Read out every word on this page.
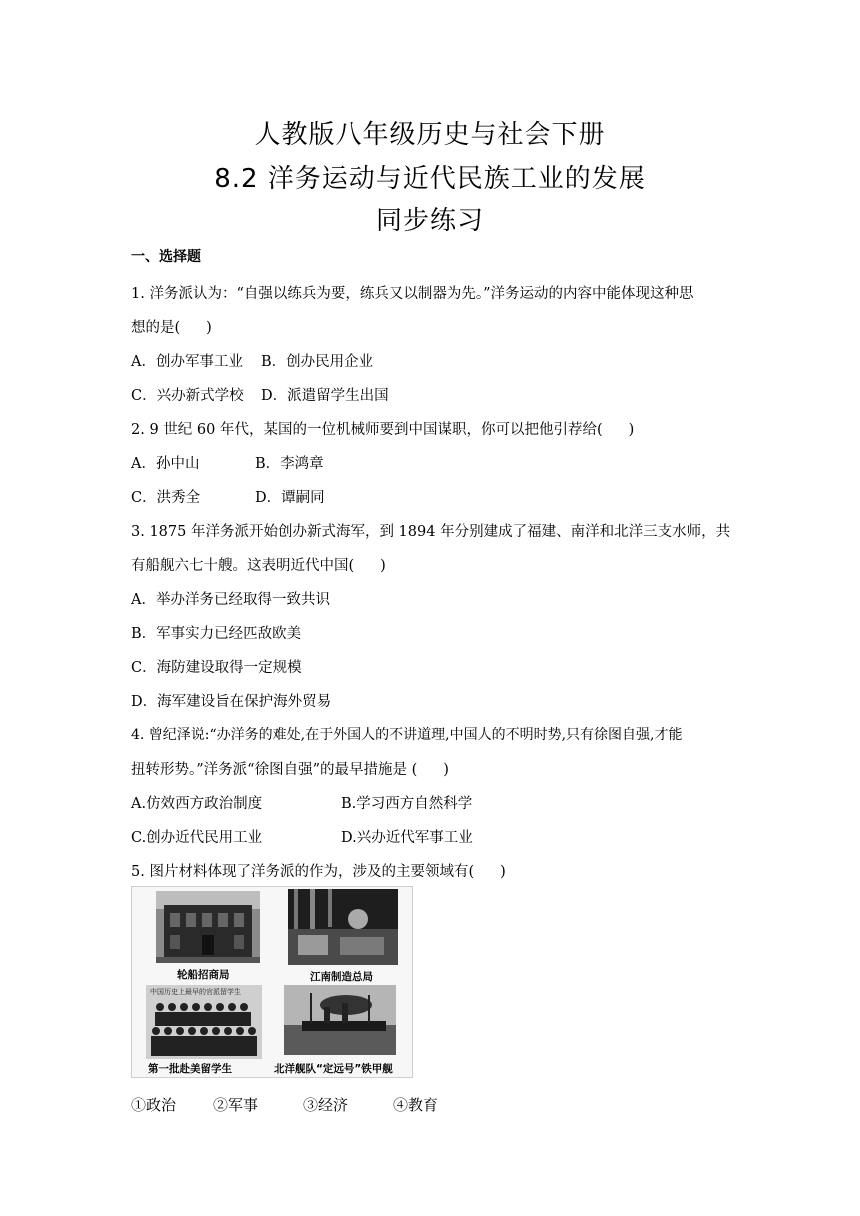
人教版八年级历史与社会下册
8.2 洋务运动与近代民族工业的发展
同步练习
一、选择题
1. 洋务派认为：“自强以练兵为要，练兵又以制器为先。”洋务运动的内容中能体现这种思
想的是( )
A．创办军事工业 B．创办民用企业
C．兴办新式学校 D．派遣留学生出国
2. 9 世纪 60 年代，某国的一位机械师要到中国谋职，你可以把他引荐给( )
A．孙中山	B．李鸿章
C．洪秀全	D．谭嗣同
3. 1875 年洋务派开始创办新式海军，到 1894 年分别建成了福建、南洋和北洋三支水师，共
有船舰六七十艘。这表明近代中国( )
A．举办洋务已经取得一致共识
B．军事实力已经匹敌欧美
C．海防建设取得一定规模
D．海军建设旨在保护海外贸易
4. 曾纪泽说:“办洋务的难处,在于外国人的不讲道理,中国人的不明时势,只有徐图自强,才能
扭转形势。”洋务派“徐图自强”的最早措施是 ( )
A.仿效西方政治制度	B.学习西方自然科学
C.创办近代民用工业	D.兴办近代军事工业
5. 图片材料体现了洋务派的作为，涉及的主要领域有( )
轮船招商局	江南制造总局
中国历史上最早的官派留学生
第一批赴美留学生	北洋舰队“定远号”铁甲舰
①政治 ②军事	③经济	④教育
